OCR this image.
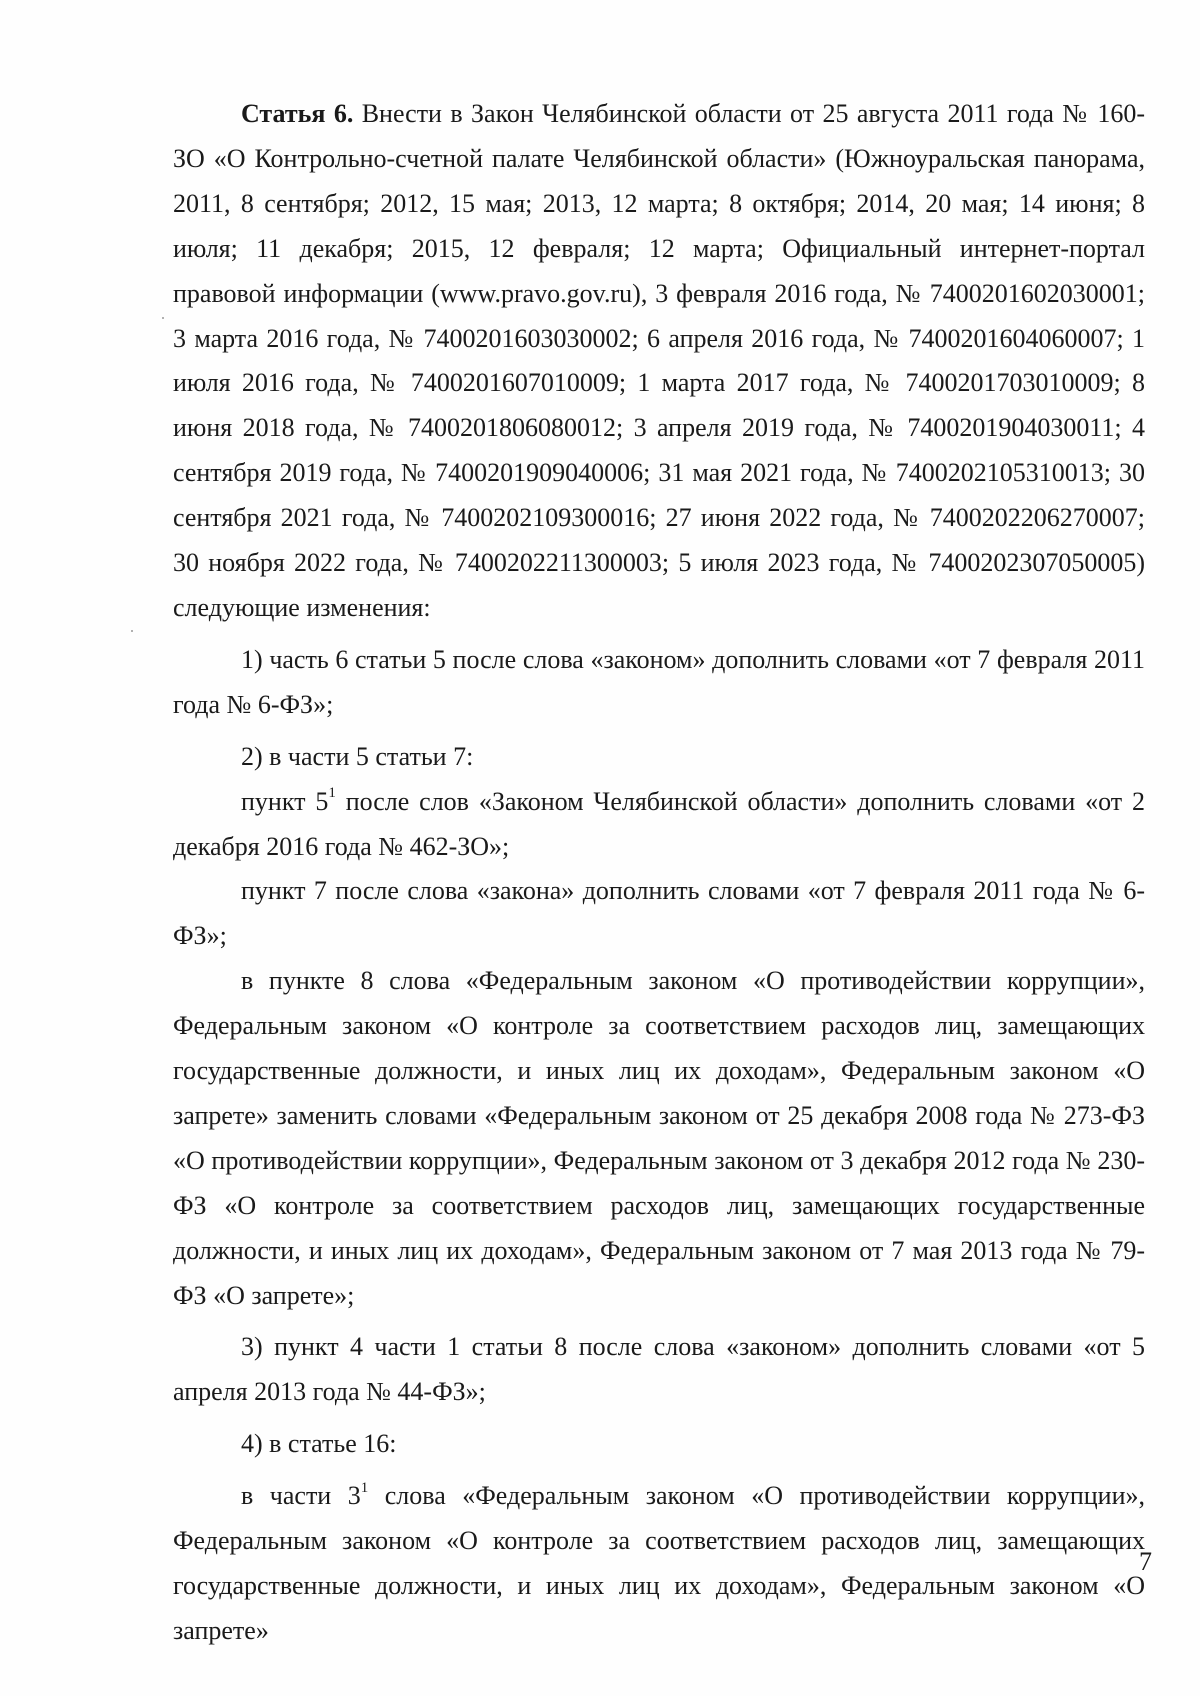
Статья 6. Внести в Закон Челябинской области от 25 августа 2011 года № 160-ЗО «О Контрольно-счетной палате Челябинской области» (Южноуральская панорама, 2011, 8 сентября; 2012, 15 мая; 2013, 12 марта; 8 октября; 2014, 20 мая; 14 июня; 8 июля; 11 декабря; 2015, 12 февраля; 12 марта; Официальный интернет-портал правовой информации (www.pravo.gov.ru), 3 февраля 2016 года, № 7400201602030001; 3 марта 2016 года, № 7400201603030002; 6 апреля 2016 года, № 7400201604060007; 1 июля 2016 года, № 7400201607010009; 1 марта 2017 года, № 7400201703010009; 8 июня 2018 года, № 7400201806080012; 3 апреля 2019 года, № 7400201904030011; 4 сентября 2019 года, № 7400201909040006; 31 мая 2021 года, № 7400202105310013; 30 сентября 2021 года, № 7400202109300016; 27 июня 2022 года, № 7400202206270007; 30 ноября 2022 года, № 7400202211300003; 5 июля 2023 года, № 7400202307050005) следующие изменения:

1) часть 6 статьи 5 после слова «законом» дополнить словами «от 7 февраля 2011 года № 6-ФЗ»;

2) в части 5 статьи 7:

пункт $5^1$ после слов «Законом Челябинской области» дополнить словами «от 2 декабря 2016 года № 462-ЗО»;

пункт 7 после слова «закона» дополнить словами «от 7 февраля 2011 года № 6-ФЗ»;

в пункте 8 слова «Федеральным законом «О противодействии коррупции», Федеральным законом «О контроле за соответствием расходов лиц, замещающих государственные должности, и иных лиц их доходам», Федеральным законом «О запрете» заменить словами «Федеральным законом от 25 декабря 2008 года № 273-ФЗ «О противодействии коррупции», Федеральным законом от 3 декабря 2012 года № 230-ФЗ «О контроле за соответствием расходов лиц, замещающих государственные должности, и иных лиц их доходам», Федеральным законом от 7 мая 2013 года № 79-ФЗ «О запрете»;

3) пункт 4 части 1 статьи 8 после слова «законом» дополнить словами «от 5 апреля 2013 года № 44-ФЗ»;

4) в статье 16:

в части $3^1$ слова «Федеральным законом «О противодействии коррупции», Федеральным законом «О контроле за соответствием расходов лиц, замещающих государственные должности, и иных лиц их доходам», Федеральным законом «О запрете»

7
